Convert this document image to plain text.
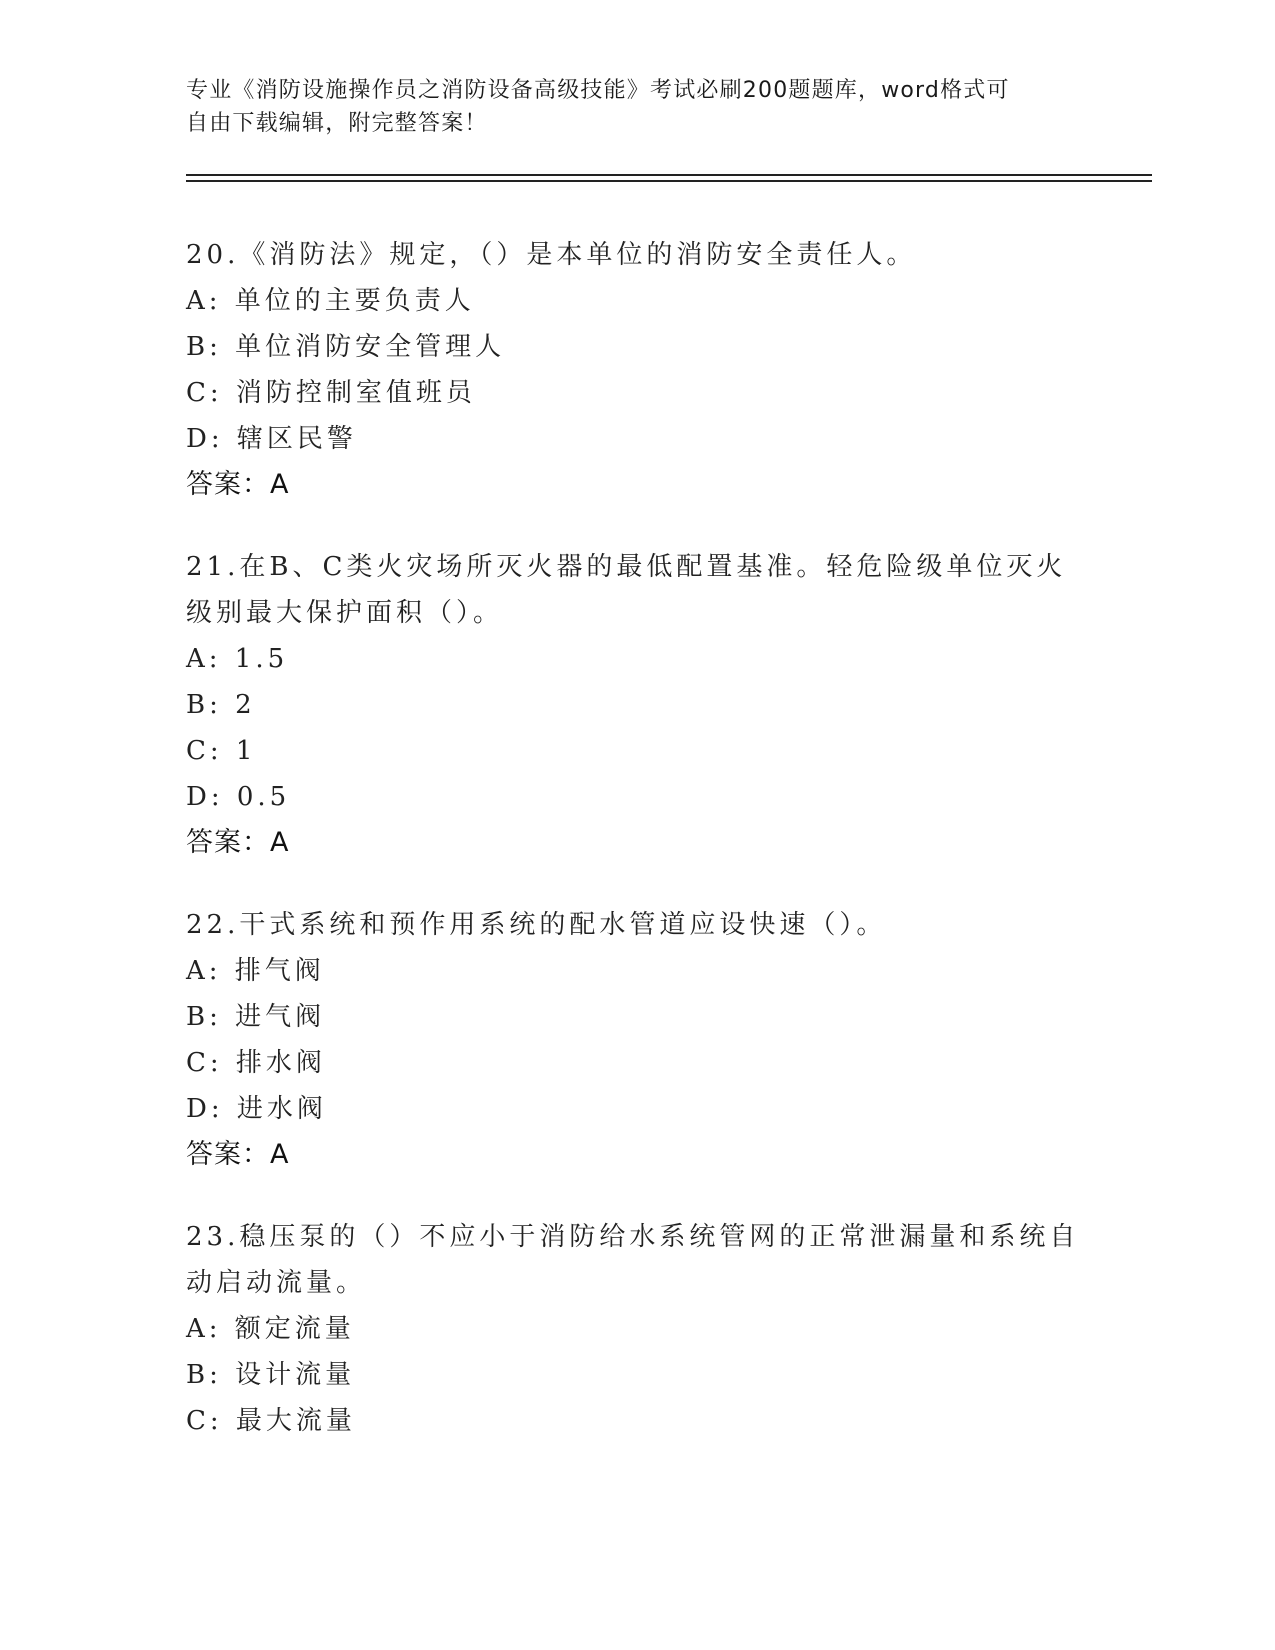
专业《消防设施操作员之消防设备高级技能》考试必刷200题题库，word格式可
自由下载编辑，附完整答案！
20.《消防法》规定，（）是本单位的消防安全责任人。
A: 单位的主要负责人
B: 单位消防安全管理人
C: 消防控制室值班员
D: 辖区民警
答案：A
21.在B、C类火灾场所灭火器的最低配置基准。轻危险级单位灭火级别最大保护面积（）。
A: 1.5
B: 2
C: 1
D: 0.5
答案：A
22.干式系统和预作用系统的配水管道应设快速（）。
A: 排气阀
B: 进气阀
C: 排水阀
D: 进水阀
答案：A
23.稳压泵的（）不应小于消防给水系统管网的正常泄漏量和系统自动启动流量。
A: 额定流量
B: 设计流量
C: 最大流量
